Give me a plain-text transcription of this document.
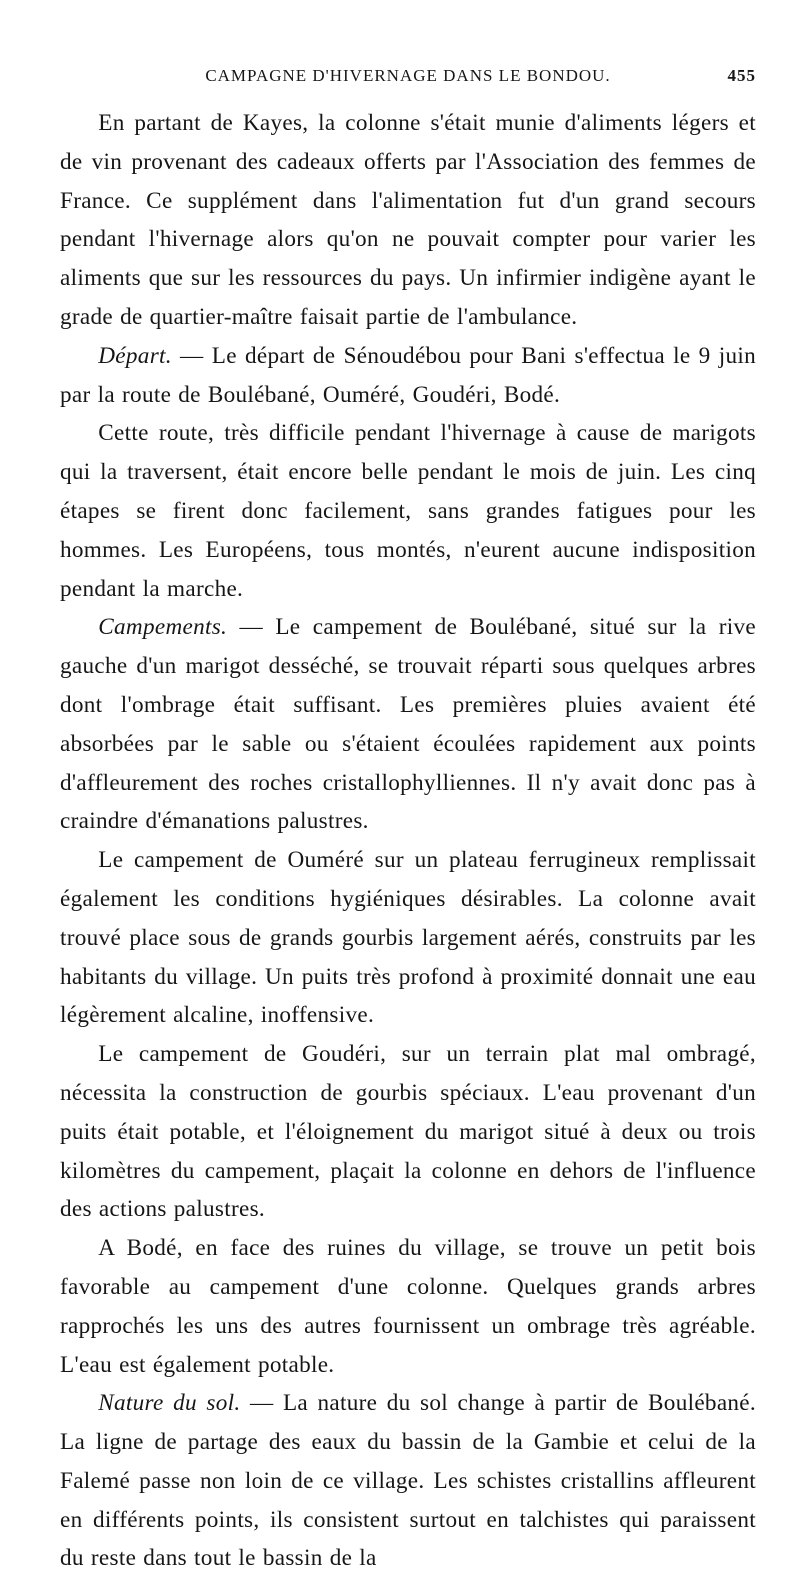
CAMPAGNE D'HIVERNAGE DANS LE BONDOU.	455

En partant de Kayes, la colonne s'était munie d'aliments légers et de vin provenant des cadeaux offerts par l'Association des femmes de France. Ce supplément dans l'alimentation fut d'un grand secours pendant l'hivernage alors qu'on ne pouvait compter pour varier les aliments que sur les ressources du pays. Un infirmier indigène ayant le grade de quartier-maître faisait partie de l'ambulance.

Départ. — Le départ de Sénoudébou pour Bani s'effectua le 9 juin par la route de Boulébané, Ouméré, Goudéri, Bodé.

Cette route, très difficile pendant l'hivernage à cause de marigots qui la traversent, était encore belle pendant le mois de juin. Les cinq étapes se firent donc facilement, sans grandes fatigues pour les hommes. Les Européens, tous montés, n'eurent aucune indisposition pendant la marche.

Campements. — Le campement de Boulébané, situé sur la rive gauche d'un marigot desséché, se trouvait réparti sous quelques arbres dont l'ombrage était suffisant. Les premières pluies avaient été absorbées par le sable ou s'étaient écoulées rapidement aux points d'affleurement des roches cristallophylliennes. Il n'y avait donc pas à craindre d'émanations palustres.

Le campement de Ouméré sur un plateau ferrugineux remplissait également les conditions hygiéniques désirables. La colonne avait trouvé place sous de grands gourbis largement aérés, construits par les habitants du village. Un puits très profond à proximité donnait une eau légèrement alcaline, inoffensive.

Le campement de Goudéri, sur un terrain plat mal ombragé, nécessita la construction de gourbis spéciaux. L'eau provenant d'un puits était potable, et l'éloignement du marigot situé à deux ou trois kilomètres du campement, plaçait la colonne en dehors de l'influence des actions palustres.

A Bodé, en face des ruines du village, se trouve un petit bois favorable au campement d'une colonne. Quelques grands arbres rapprochés les uns des autres fournissent un ombrage très agréable. L'eau est également potable.

Nature du sol. — La nature du sol change à partir de Boulébané. La ligne de partage des eaux du bassin de la Gambie et celui de la Falemé passe non loin de ce village. Les schistes cristallins affleurent en différents points, ils consistent surtout en talchistes qui paraissent du reste dans tout le bassin de la
